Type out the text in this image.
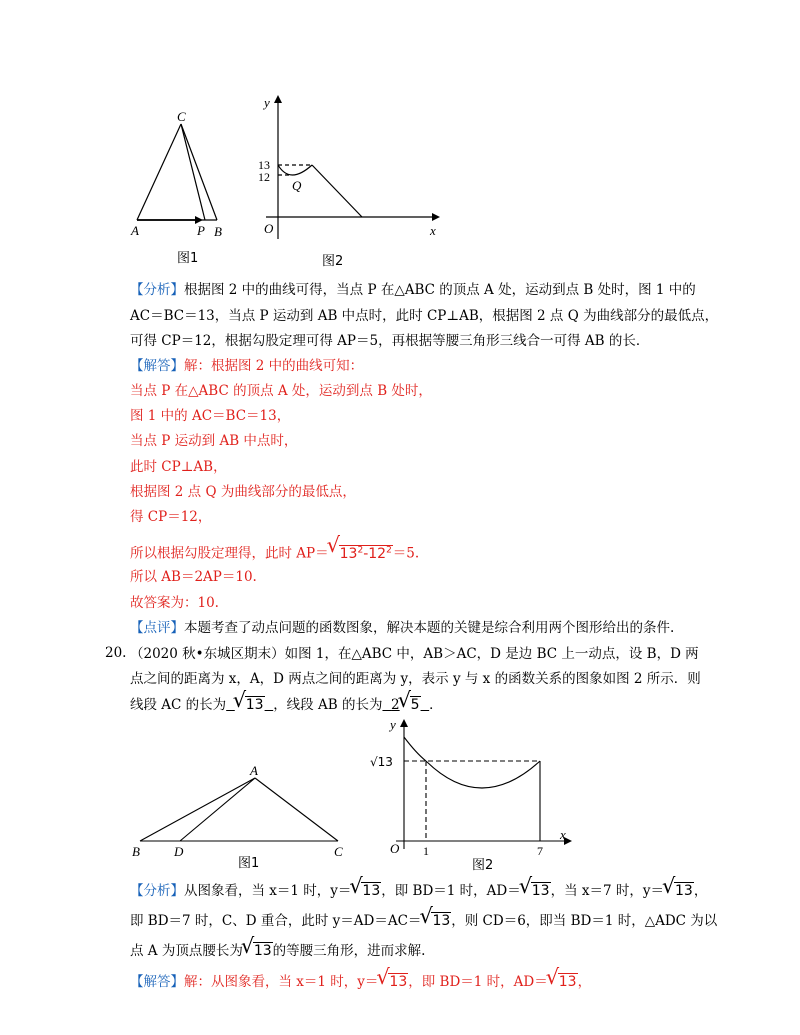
C
A	P B
图1
y
x
O
13
12
Q
图2
【分析】根据图 2 中的曲线可得，当点 P 在△ABC 的顶点 A 处，运动到点 B 处时，图 1 中的
AC＝BC＝13，当点 P 运动到 AB 中点时，此时 CP⊥AB，根据图 2 点 Q 为曲线部分的最低点，
可得 CP＝12，根据勾股定理可得 AP＝5，再根据等腰三角形三线合一可得 AB 的长．
【解答】解：根据图 2 中的曲线可知：
当点 P 在△ABC 的顶点 A 处，运动到点 B 处时，
图 1 中的 AC＝BC＝13，
当点 P 运动到 AB 中点时，
此时 CP⊥AB，
根据图 2 点 Q 为曲线部分的最低点，
得 CP＝12，
所以根据勾股定理得，此时 AP＝ √ $13^2-12^2=5$.
所以 AB＝2AP＝10.
故答案为：10.
【点评】本题考查了动点问题的函数图象，解决本题的关键是综合利用两个图形给出的条件.
20. （2020 秋•东城区期末）如图 1，在△ABC 中，AB＞AC，D 是边 BC 上一动点，设 B，D 两
点之间的距离为 x，A，D 两点之间的距离为 y，表示 y 与 x 的函数关系的图象如图 2 所示．则
线段 AC 的长为 √ 13 ，线段 AB 的长为 2 √ 5 ．
A
B	D	C
图1
y
x
O
√13
1	7
图2
【分析】从图象看，当 x＝1 时，y＝ √ 13，即 BD＝1 时，AD＝ √ 13，当 x＝7 时，y＝ √ 13，
即 BD＝7 时，C、D 重合，此时 y＝AD＝AC＝ √ 13，则 CD＝6，即当 BD＝1 时，△ADC 为以
点 A 为顶点腰长为 √ 13的等腰三角形，进而求解.
【解答】解：从图象看，当 x＝1 时，y＝ √ 13，即 BD＝1 时，AD＝ √ 13，
